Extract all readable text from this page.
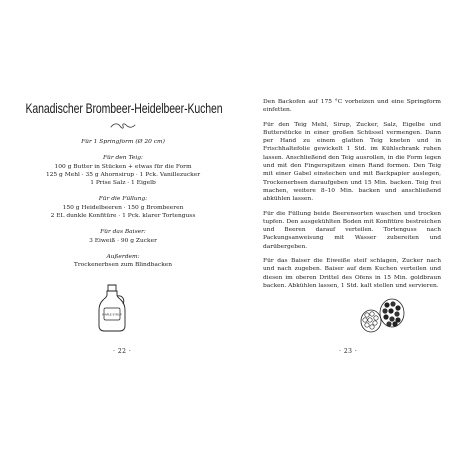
Kanadischer Brombeer-Heidelbeer-Kuchen

Für 1 Springform (Ø 20 cm)

Für den Teig:

100 g Butter in Stücken + etwas für die Form

125 g Mehl · 35 g Ahornsirup · 1 Pck. Vanillezucker

1 Prise Salz · 1 Eigelb

Für die Füllung:

150 g Heidelbeeren · 150 g Brombeeren

2 EL dunkle Konfitüre · 1 Pck. klarer Tortenguss

Für das Baiser:

3 Eiweiß · 90 g Zucker

Außerdem:

Trockenerbsen zum Blindbacken

MAPLE SYRUP
· 22 ·

Den Backofen auf 175 °C vorheizen und eine Springform einfetten.

Für den Teig Mehl, Sirup, Zucker, Salz, Eigelbe und Butterstücke in einer großen Schüssel vermengen. Dann per Hand zu einem glatten Teig kneten und in Frischhaltefolie gewickelt 1 Std. im Kühlschrank ruhen lassen. Anschließend den Teig ausrollen, in die Form legen und mit den Fingerspitzen einen Rand formen. Den Teig mit einer Gabel einstechen und mit Backpapier auslegen, Trockenerbsen daraufgeben und 15 Min. backen. Teig frei machen, weitere 8–10 Min. backen und anschließend abkühlen lassen.

Für die Füllung beide Beerensorten waschen und trocken tupfen. Den ausgekühlten Boden mit Konfitüre bestreichen und Beeren darauf verteilen. Tortenguss nach Packungsanweisung mit Wasser zubereiten und darübergeben.

Für das Baiser die Eiweiße steif schlagen, Zucker nach und nach zugeben. Baiser auf dem Kuchen verteilen und diesen im oberen Drittel des Ofens in 15 Min. goldbraun backen. Abkühlen lassen, 1 Std. kalt stellen und servieren.

· 23 ·
